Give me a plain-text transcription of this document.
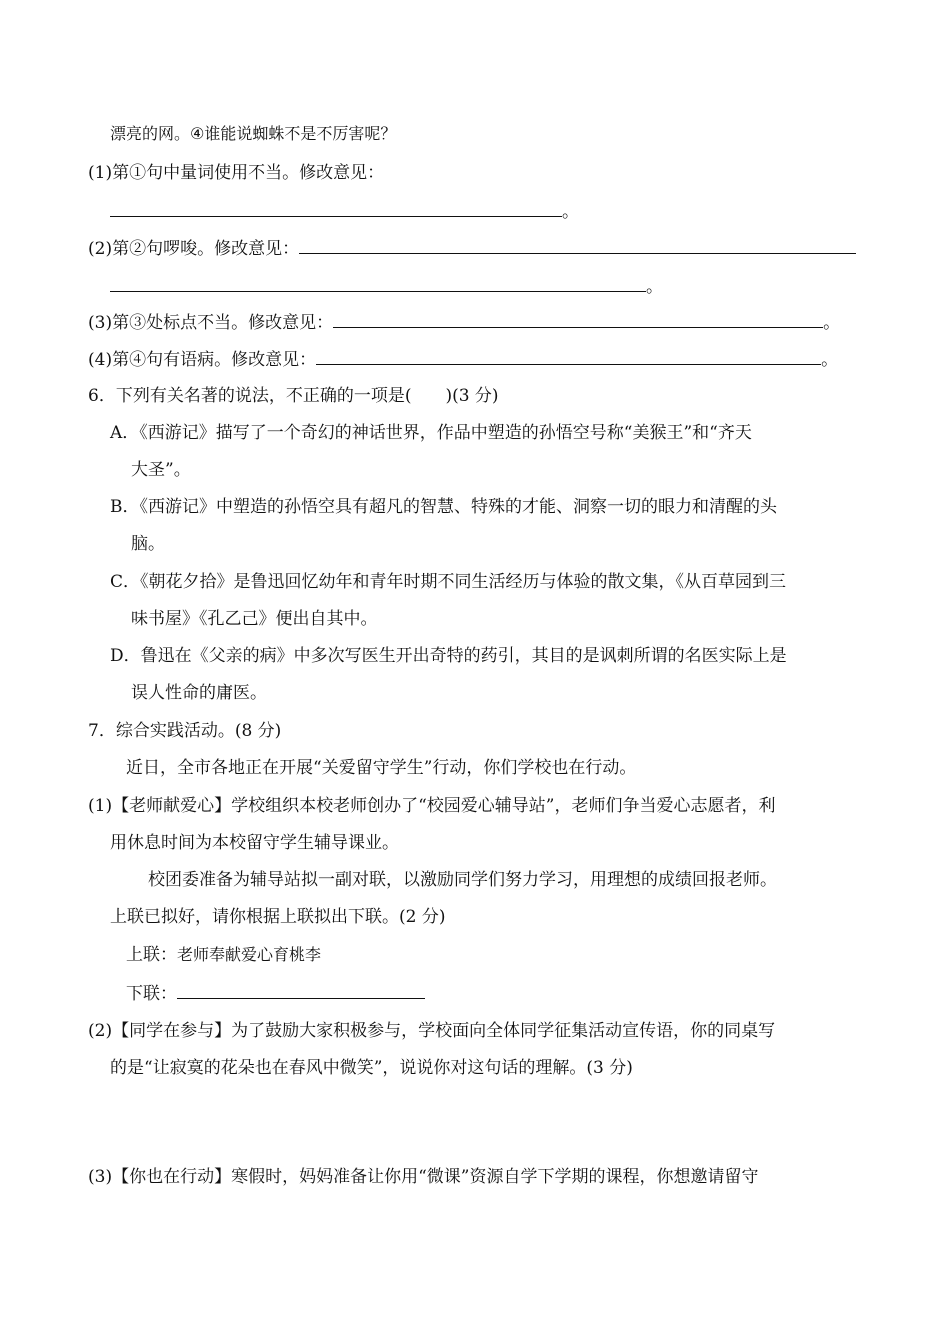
漂亮的网。④谁能说蜘蛛不是不厉害呢？
(1)第①句中量词使用不当。修改意见：
。
(2)第②句啰唆。修改意见：
。
(3)第③处标点不当。修改意见：	。
(4)第④句有语病。修改意见：	。
6．下列有关名著的说法，不正确的一项是(　　)(3 分)
A．《西游记》描写了一个奇幻的神话世界，作品中塑造的孙悟空号称“美猴王”和“齐天
大圣”。
B．《西游记》中塑造的孙悟空具有超凡的智慧、特殊的才能、洞察一切的眼力和清醒的头
脑。
C．《朝花夕拾》是鲁迅回忆幼年和青年时期不同生活经历与体验的散文集，《从百草园到三
味书屋》《孔乙己》便出自其中。
D．鲁迅在《父亲的病》中多次写医生开出奇特的药引，其目的是讽刺所谓的名医实际上是
误人性命的庸医。
7．综合实践活动。(8 分)
近日，全市各地正在开展“关爱留守学生”行动，你们学校也在行动。
(1)【老师献爱心】学校组织本校老师创办了“校园爱心辅导站”，老师们争当爱心志愿者，利
用休息时间为本校留守学生辅导课业。
校团委准备为辅导站拟一副对联，以激励同学们努力学习，用理想的成绩回报老师。
上联已拟好，请你根据上联拟出下联。(2 分)
上联：老师奉献爱心育桃李
下联：
(2)【同学在参与】为了鼓励大家积极参与，学校面向全体同学征集活动宣传语，你的同桌写
的是“让寂寞的花朵也在春风中微笑”，说说你对这句话的理解。(3 分)
(3)【你也在行动】寒假时，妈妈准备让你用“微课”资源自学下学期的课程，你想邀请留守
